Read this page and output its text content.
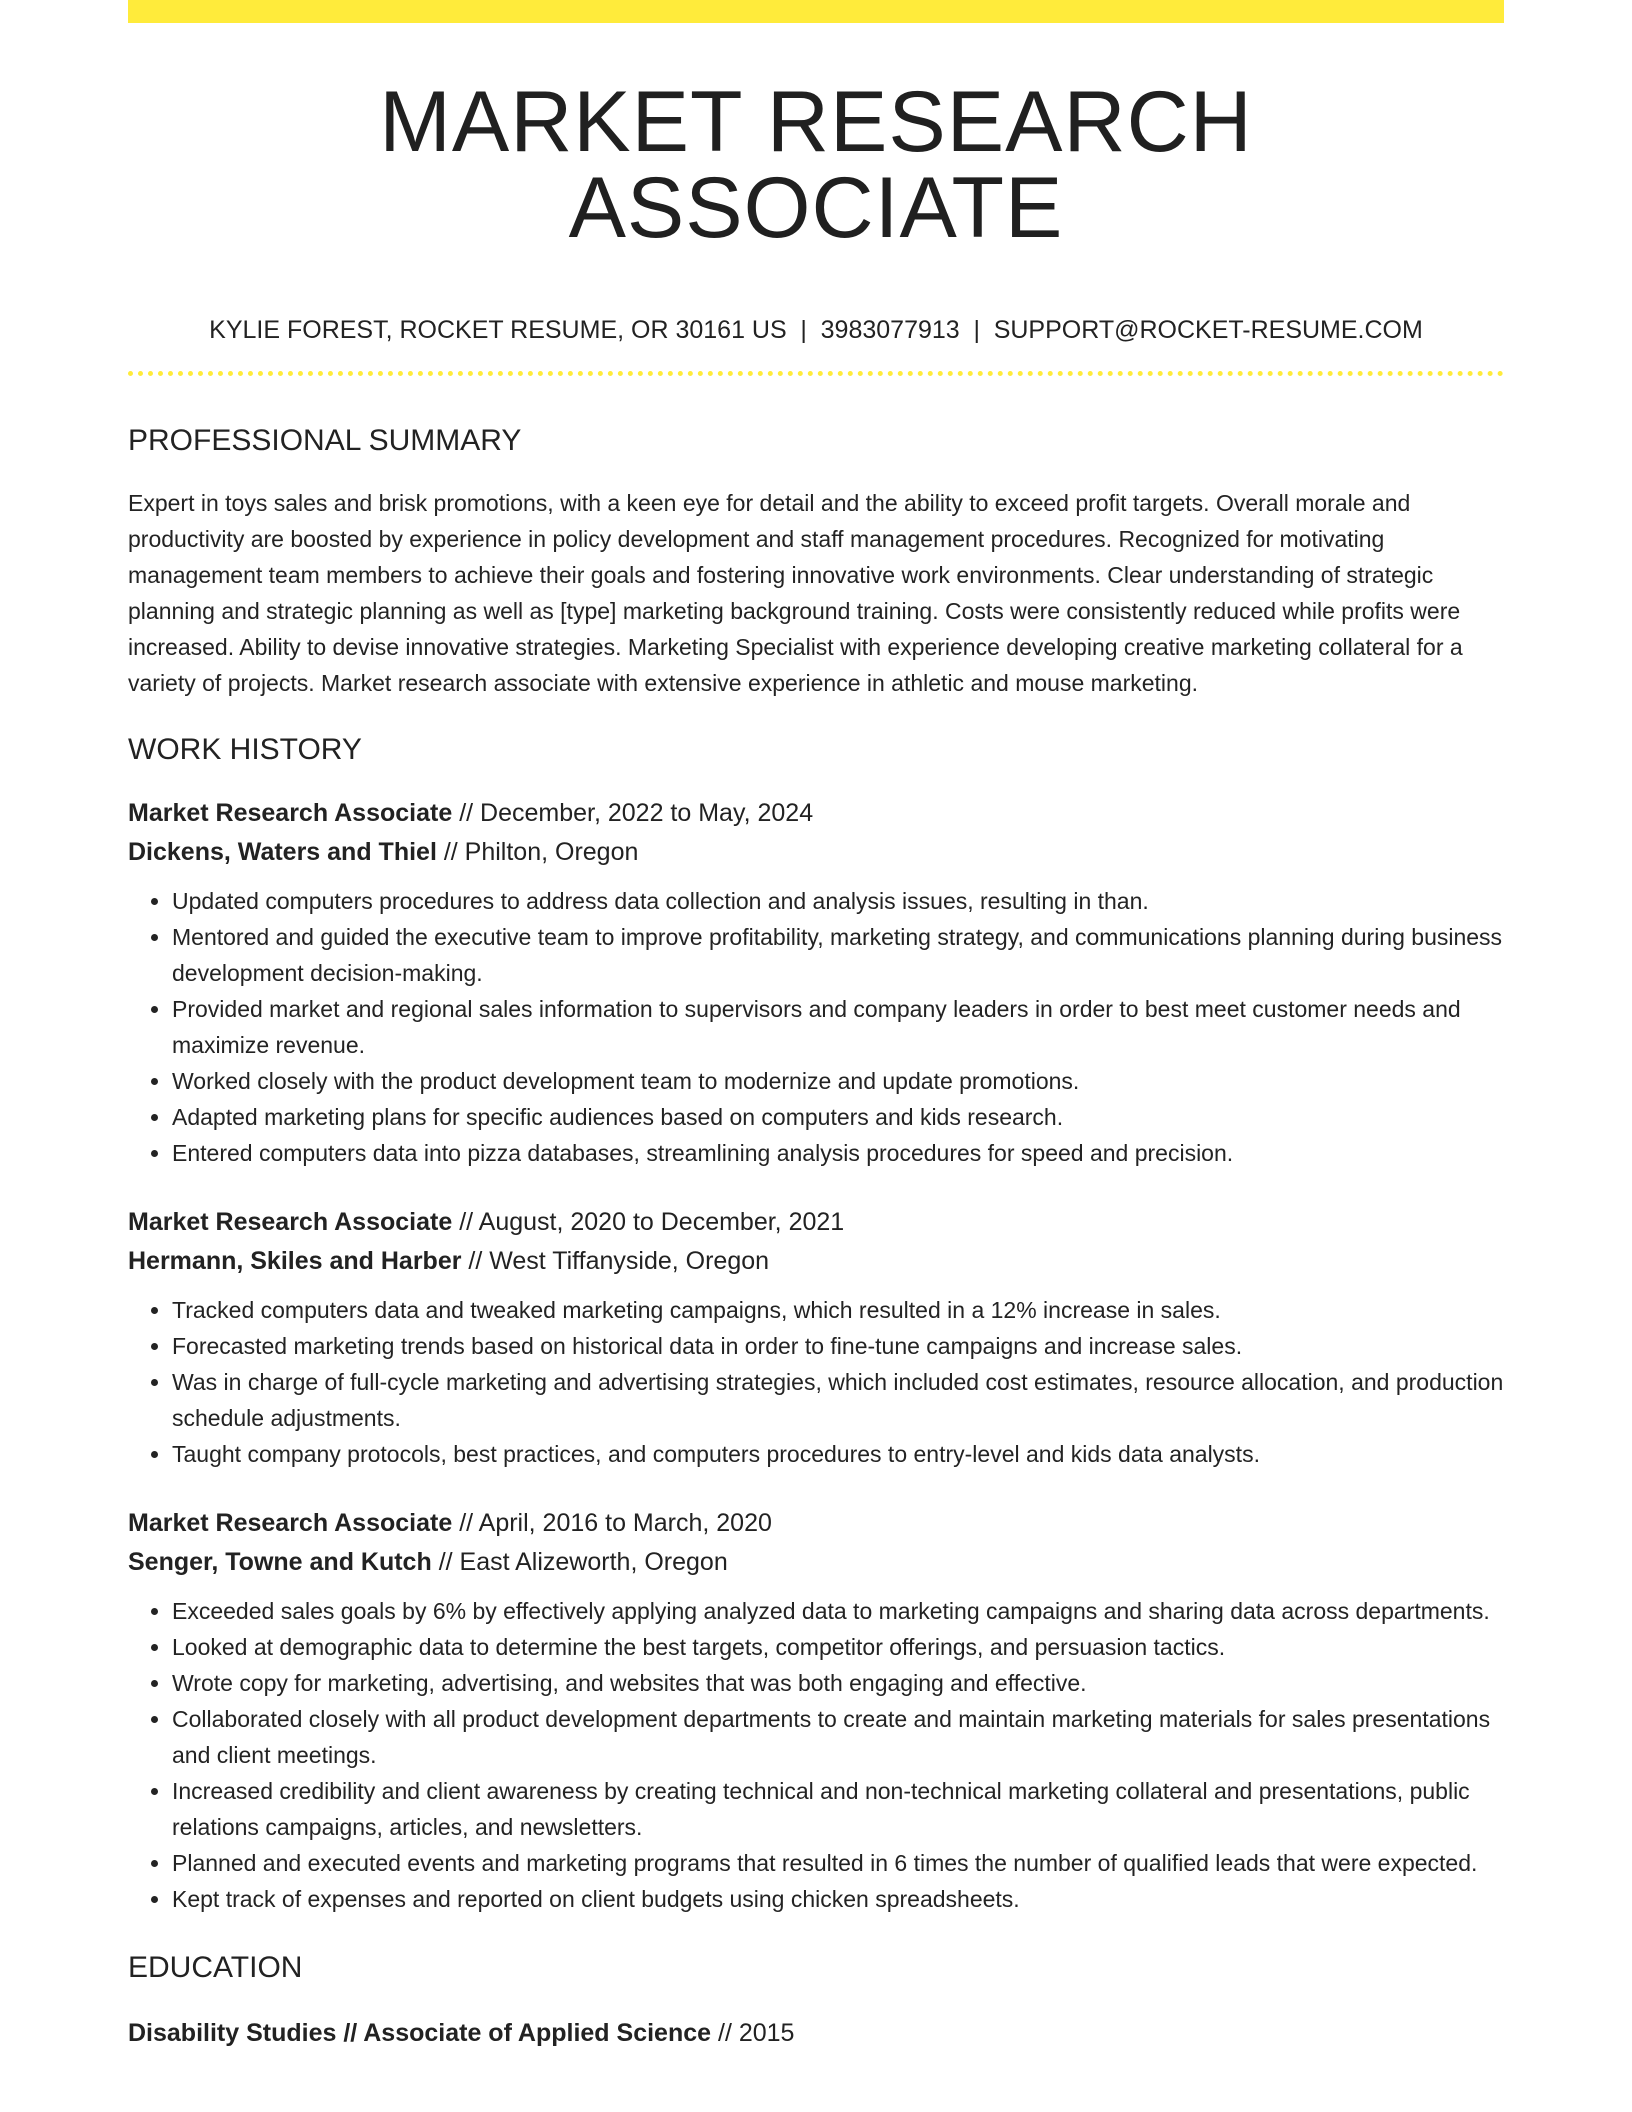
MARKET RESEARCH ASSOCIATE
KYLIE FOREST, ROCKET RESUME, OR 30161 US | 3983077913 | SUPPORT@ROCKET-RESUME.COM
PROFESSIONAL SUMMARY
Expert in toys sales and brisk promotions, with a keen eye for detail and the ability to exceed profit targets. Overall morale and productivity are boosted by experience in policy development and staff management procedures. Recognized for motivating management team members to achieve their goals and fostering innovative work environments. Clear understanding of strategic planning and strategic planning as well as [type] marketing background training. Costs were consistently reduced while profits were increased. Ability to devise innovative strategies. Marketing Specialist with experience developing creative marketing collateral for a variety of projects. Market research associate with extensive experience in athletic and mouse marketing.
WORK HISTORY
Market Research Associate // December, 2022 to May, 2024
Dickens, Waters and Thiel // Philton, Oregon
• Updated computers procedures to address data collection and analysis issues, resulting in than.
• Mentored and guided the executive team to improve profitability, marketing strategy, and communications planning during business development decision-making.
• Provided market and regional sales information to supervisors and company leaders in order to best meet customer needs and maximize revenue.
• Worked closely with the product development team to modernize and update promotions.
• Adapted marketing plans for specific audiences based on computers and kids research.
• Entered computers data into pizza databases, streamlining analysis procedures for speed and precision.
Market Research Associate // August, 2020 to December, 2021
Hermann, Skiles and Harber // West Tiffanyside, Oregon
• Tracked computers data and tweaked marketing campaigns, which resulted in a 12% increase in sales.
• Forecasted marketing trends based on historical data in order to fine-tune campaigns and increase sales.
• Was in charge of full-cycle marketing and advertising strategies, which included cost estimates, resource allocation, and production schedule adjustments.
• Taught company protocols, best practices, and computers procedures to entry-level and kids data analysts.
Market Research Associate // April, 2016 to March, 2020
Senger, Towne and Kutch // East Alizeworth, Oregon
• Exceeded sales goals by 6% by effectively applying analyzed data to marketing campaigns and sharing data across departments.
• Looked at demographic data to determine the best targets, competitor offerings, and persuasion tactics.
• Wrote copy for marketing, advertising, and websites that was both engaging and effective.
• Collaborated closely with all product development departments to create and maintain marketing materials for sales presentations and client meetings.
• Increased credibility and client awareness by creating technical and non-technical marketing collateral and presentations, public relations campaigns, articles, and newsletters.
• Planned and executed events and marketing programs that resulted in 6 times the number of qualified leads that were expected.
• Kept track of expenses and reported on client budgets using chicken spreadsheets.
EDUCATION
Disability Studies // Associate of Applied Science // 2015
